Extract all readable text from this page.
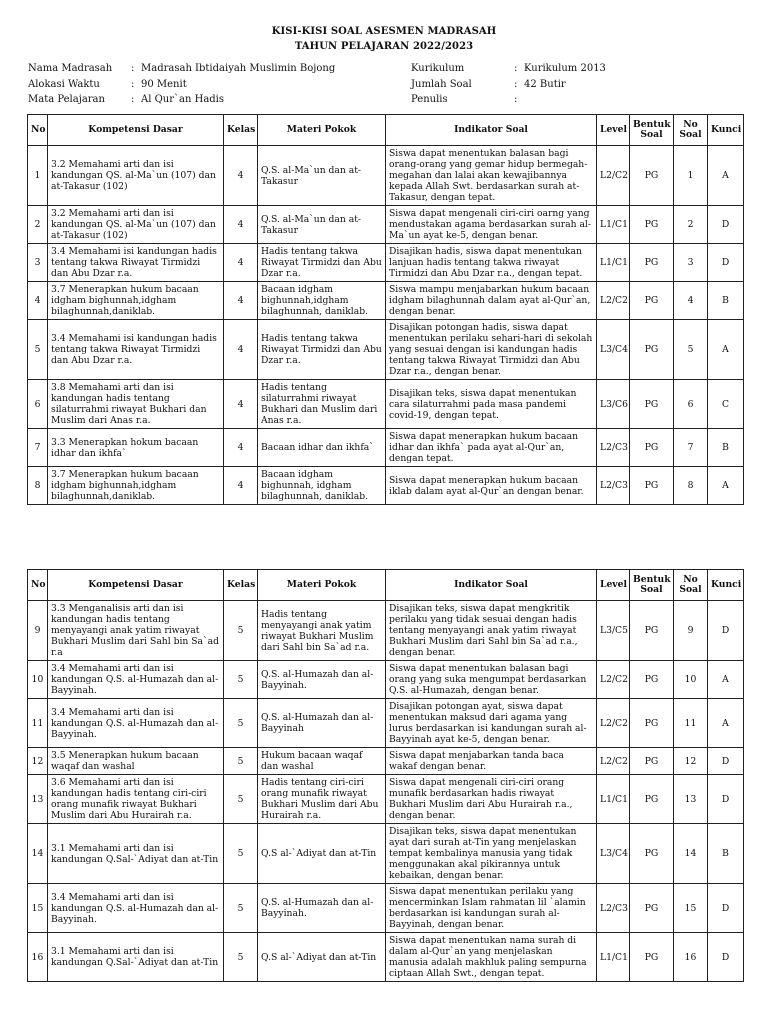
KISI-KISI SOAL ASESMEN MADRASAH
TAHUN PELAJARAN 2022/2023
Nama Madrasah	: Madrasah Ibtidaiyah Muslimin Bojong
Alokasi Waktu	: 90 Menit
Mata Pelajaran	: Al Qur`an Hadis
Kurikulum	: Kurikulum 2013
Jumlah Soal	: 42 Butir
Penulis	:
No	Kompetensi Dasar	Kelas	Materi Pokok	Indikator Soal	Level	Bentuk Soal	No Soal	Kunci
1	3.2 Memahami arti dan isi kandungan QS. al-Ma`un (107) dan at-Takasur (102)	4	Q.S. al-Ma`un dan at-Takasur	Siswa dapat menentukan balasan bagi orang-orang yang gemar hidup bermegah-megahan dan lalai akan kewajibannya kepada Allah Swt. berdasarkan surah at-Takasur, dengan tepat.	L2/C2	PG	1	A
2	3.2 Memahami arti dan isi kandungan QS. al-Ma`un (107) dan at-Takasur (102)	4	Q.S. al-Ma`un dan at-Takasur	Siswa dapat mengenali ciri-ciri oarng yang mendustakan agama berdasarkan surah al-Ma`un ayat ke-5, dengan benar.	L1/C1	PG	2	D
3	3.4 Memahami isi kandungan hadis tentang takwa Riwayat Tirmidzi dan Abu Dzar r.a.	4	Hadis tentang takwa Riwayat Tirmidzi dan Abu Dzar r.a.	Disajikan hadis, siswa dapat menentukan lanjuan hadis tentang takwa riwayat Tirmidzi dan Abu Dzar r.a., dengan tepat.	L1/C1	PG	3	D
4	3.7 Menerapkan hukum bacaan idgham bighunnah,idgham bilaghunnah,daniklab.	4	Bacaan idgham bighunnah,idgham bilaghunnah, daniklab.	Siswa mampu menjabarkan hukum bacaan idgham bilaghunnah dalam ayat al-Qur`an, dengan benar.	L2/C2	PG	4	B
5	3.4 Memahami isi kandungan hadis tentang takwa Riwayat Tirmidzi dan Abu Dzar r.a.	4	Hadis tentang takwa Riwayat Tirmidzi dan Abu Dzar r.a.	Disajikan potongan hadis, siswa dapat menentukan perilaku sehari-hari di sekolah yang sesuai dengan isi kandungan hadis tentang takwa Riwayat Tirmidzi dan Abu Dzar r.a., dengan benar.	L3/C4	PG	5	A
6	3.8 Memahami arti dan isi kandungan hadis tentang silaturrahmi riwayat Bukhari dan Muslim dari Anas r.a.	4	Hadis tentang silaturrahmi riwayat Bukhari dan Muslim dari Anas r.a.	Disajikan teks, siswa dapat menentukan cara silaturrahmi pada masa pandemi covid-19, dengan tepat.	L3/C6	PG	6	C
7	3.3 Menerapkan hokum bacaan idhar dan ikhfa`	4	Bacaan idhar dan ikhfa`	Siswa dapat menerapkan hukum bacaan idhar dan ikhfa` pada ayat al-Qur`an, dengan tepat.	L2/C3	PG	7	B
8	3.7 Menerapkan hukum bacaan idgham bighunnah,idgham bilaghunnah,daniklab.	4	Bacaan idgham bighunnah, idgham bilaghunnah, daniklab.	Siswa dapat menerapkan hukum bacaan iklab dalam ayat al-Qur`an dengan benar.	L2/C3	PG	8	A
No	Kompetensi Dasar	Kelas	Materi Pokok	Indikator Soal	Level	Bentuk Soal	No Soal	Kunci
9	3.3 Menganalisis arti dan isi kandungan hadis tentang menyayangi anak yatim riwayat Bukhari Muslim dari Sahl bin Sa`ad r.a	5	Hadis tentang menyayangi anak yatim riwayat Bukhari Muslim dari Sahl bin Sa`ad r.a.	Disajikan teks, siswa dapat mengkritik perilaku yang tidak sesuai dengan hadis tentang menyayangi anak yatim riwayat Bukhari Muslim dari Sahl bin Sa`ad r.a., dengan benar.	L3/C5	PG	9	D
10	3.4 Memahami arti dan isi kandungan Q.S. al-Humazah dan al-Bayyinah.	5	Q.S. al-Humazah dan al-Bayyinah.	Siswa dapat menentukan balasan bagi orang yang suka mengumpat berdasarkan Q.S. al-Humazah, dengan benar.	L2/C2	PG	10	A
11	3.4 Memahami arti dan isi kandungan Q.S. al-Humazah dan al-Bayyinah.	5	Q.S. al-Humazah dan al-Bayyinah	Disajikan potongan ayat, siswa dapat menentukan maksud dari agama yang lurus berdasarkan isi kandungan surah al-Bayyinah ayat ke-5, dengan benar.	L2/C2	PG	11	A
12	3.5 Menerapkan hukum bacaan waqaf dan washal	5	Hukum bacaan waqaf dan washal	Siswa dapat menjabarkan tanda baca wakaf dengan benar.	L2/C2	PG	12	D
13	3.6 Memahami arti dan isi kandungan hadis tentang ciri-ciri orang munafik riwayat Bukhari Muslim dari Abu Hurairah r.a.	5	Hadis tentang ciri-ciri orang munafik riwayat Bukhari Muslim dari Abu Hurairah r.a.	Siswa dapat mengenali ciri-ciri orang munafik berdasarkan hadis riwayat Bukhari Muslim dari Abu Hurairah r.a., dengan benar.	L1/C1	PG	13	D
14	3.1 Memahami arti dan isi kandungan Q.Sal-`Adiyat dan at-Tin	5	Q.S al-`Adiyat dan at-Tin	Disajikan teks, siswa dapat menentukan ayat dari surah at-Tin yang menjelaskan tempat kembalinya manusia yang tidak menggunakan akal pikirannya untuk kebaikan, dengan benar.	L3/C4	PG	14	B
15	3.4 Memahami arti dan isi kandungan Q.S. al-Humazah dan al-Bayyinah.	5	Q.S. al-Humazah dan al-Bayyinah.	Siswa dapat menentukan perilaku yang mencerminkan Islam rahmatan lil `alamin berdasarkan isi kandungan surah al-Bayyinah, dengan benar.	L2/C3	PG	15	D
16	3.1 Memahami arti dan isi kandungan Q.Sal-`Adiyat dan at-Tin	5	Q.S al-`Adiyat dan at-Tin	Siswa dapat menentukan nama surah di dalam al-Qur`an yang menjelaskan manusia adalah makhluk paling sempurna ciptaan Allah Swt., dengan tepat.	L1/C1	PG	16	D
